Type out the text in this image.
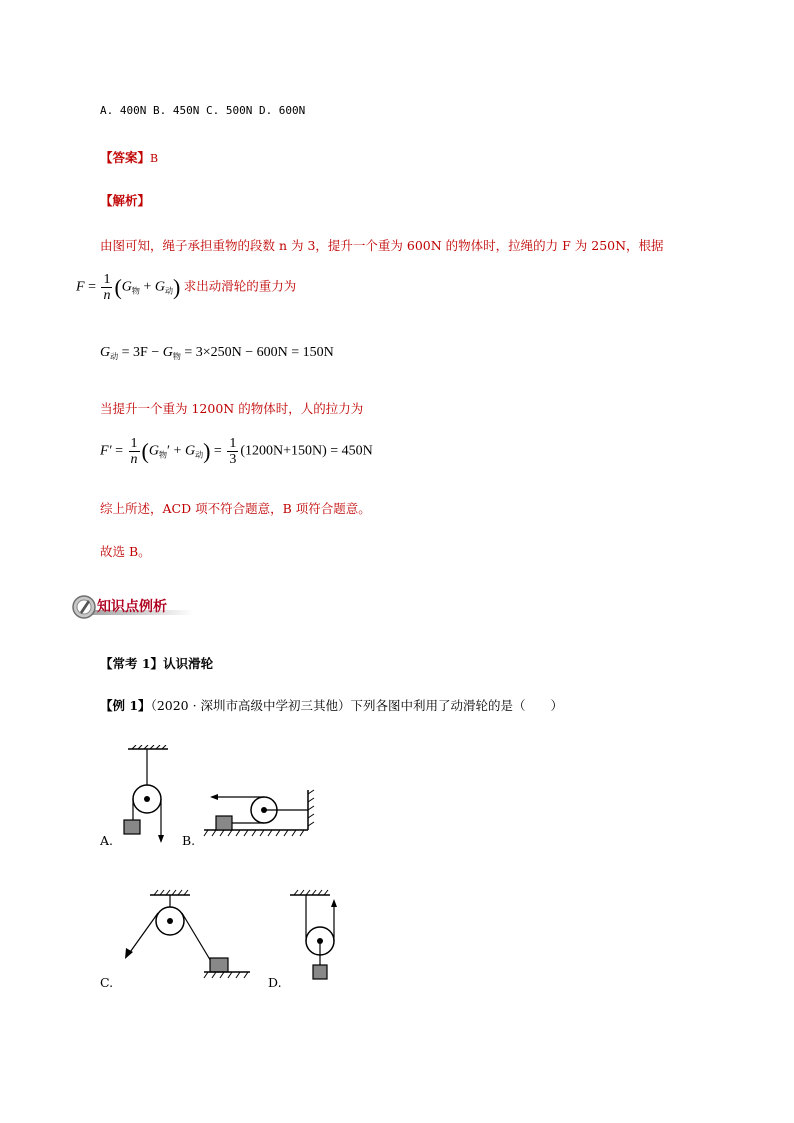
A. 400N B. 450N C. 500N D. 600N
【答案】B
【解析】
由图可知，绳子承担重物的段数 n 为 3，提升一个重为 600N 的物体时，拉绳的力 F 为 250N，根据
$F = \frac{1}{n} (G_物 + G_动)$ 求出动滑轮的重力为
$G_动 = 3F - G_物 = 3\times 250N - 600N = 150N$
当提升一个重为 1200N 的物体时，人的拉力为
$F' = \frac{1}{n} (G_物' + G_动) = \frac{1}{3} (1200N+150N) = 450N$
综上所述，ACD 项不符合题意，B 项符合题意。
故选 B。
知识点例析
【常考 1】认识滑轮
【例 1】（2020 · 深圳市高级中学初三其他）下列各图中利用了动滑轮的是（　　）
A.	B.
C.	D.
